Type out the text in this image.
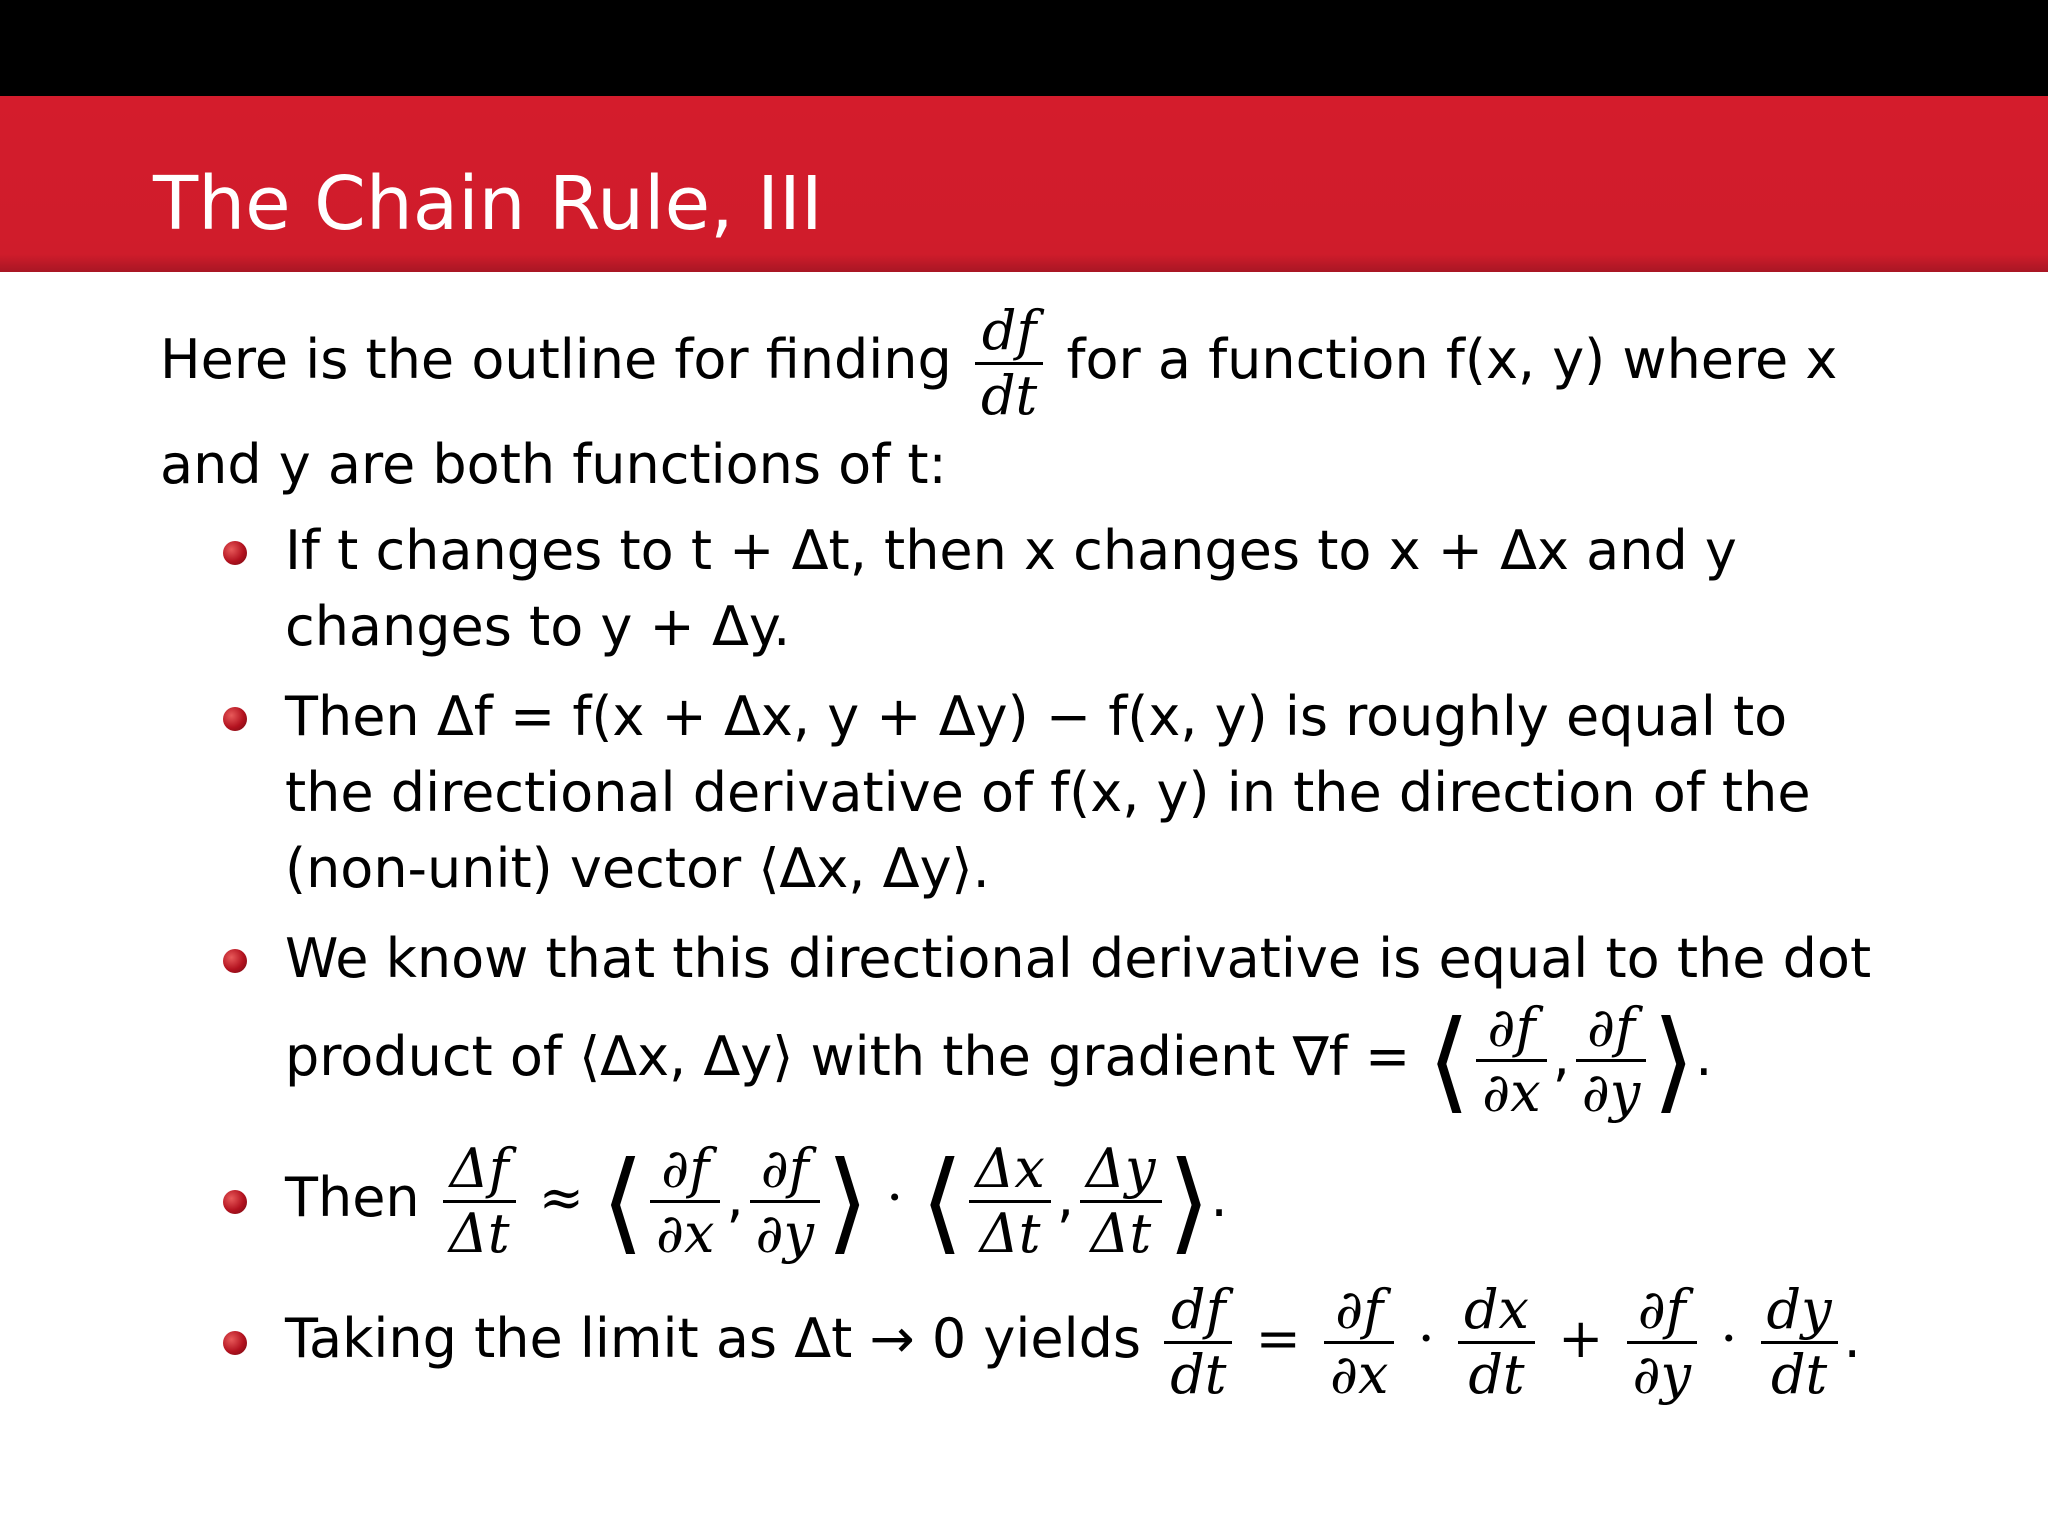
The Chain Rule, III

Here is the outline for finding $\frac{df}{dt}$ for a function f(x, y) where x
and y are both functions of t:

If t changes to t + Δt, then x changes to x + Δx and y
changes to y + Δy.
Then Δf = f(x + Δx, y + Δy) − f(x, y) is roughly equal to
the directional derivative of f(x, y) in the direction of the
(non-unit) vector ⟨Δx, Δy⟩.
We know that this directional derivative is equal to the dot
product of ⟨Δx, Δy⟩ with the gradient ∇f = ⟨ $\frac{\partial f}{\partial x}$ , $\frac{\partial f}{\partial y}$ ⟩.
Then $\frac{\Delta f}{\Delta t}$ ≈ ⟨ $\frac{\partial f}{\partial x}$ , $\frac{\partial f}{\partial y}$ ⟩ · ⟨ $\frac{\Delta x}{\Delta t}$ , $\frac{\Delta y}{\Delta t}$ ⟩.
Taking the limit as Δt → 0 yields $\frac{df}{dt} = \frac{\partial f}{\partial x} \cdot \frac{dx}{dt} + \frac{\partial f}{\partial y} \cdot \frac{dy}{dt}$ .
